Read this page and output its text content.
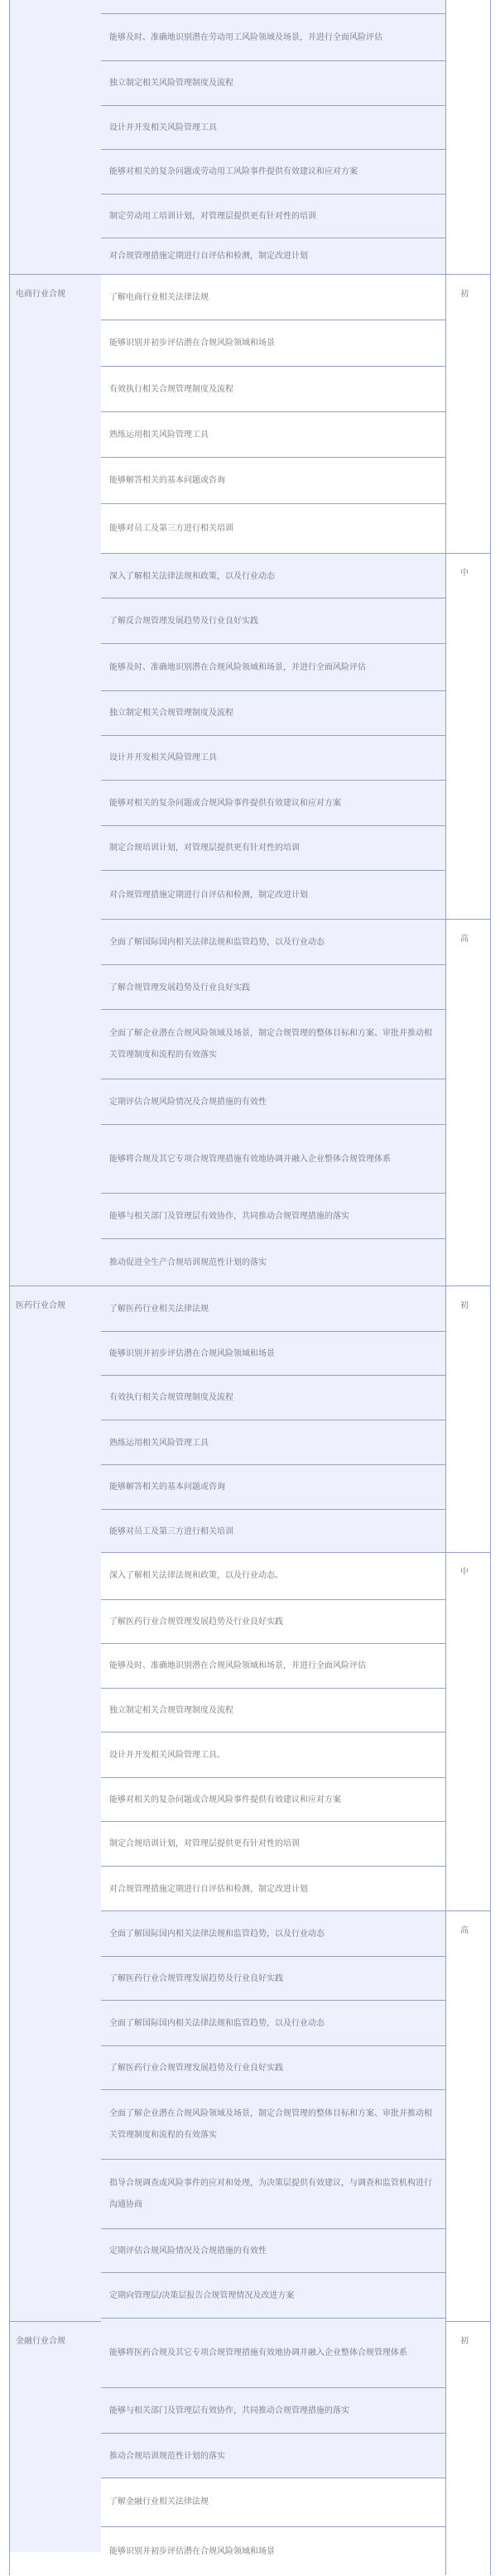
电商行业合规
医药行业合规
金融行业合规
能够及时、准确地识别潜在劳动用工风险领域及场景，并进行全面风险评估
独立制定相关风险管理制度及流程
设计并开发相关风险管理工具
能够对相关的复杂问题或劳动用工风险事件提供有效建议和应对方案
制定劳动用工培训计划，对管理层提供更有针对性的培训
对合规管理措施定期进行自评估和检测，制定改进计划
了解电商行业相关法律法规
能够识别并初步评估潜在合规风险领域和场景
有效执行相关合规管理制度及流程
熟练运用相关风险管理工具
能够解答相关的基本问题或咨询
能够对员工及第三方进行相关培训
深入了解相关法律法规和政策，以及行业动态
了解反合规管理发展趋势及行业良好实践
能够及时、准确地识别潜在合规风险领域和场景，并进行全面风险评估
独立制定相关合规管理制度及流程
设计并开发相关风险管理工具
能够对相关的复杂问题或合规风险事件提供有效建议和应对方案
制定合规培训计划，对管理层提供更有针对性的培训
对合规管理措施定期进行自评估和检测，制定改进计划
全面了解国际国内相关法律法规和监管趋势，以及行业动态
了解合规管理发展趋势及行业良好实践
全面了解企业潜在合规风险领域及场景，制定合规管理的整体目标和方案、审批并推动相关管理制度和流程的有效落实
定期评估合规风险情况及合规措施的有效性
能够将合规及其它专项合规管理措施有效地协调并融入企业整体合规管理体系
能够与相关部门及管理层有效协作，共同推动合规管理措施的落实
推动促进全生产合规培训规范性计划的落实
了解医药行业相关法律法规
能够识别并初步评估潜在合规风险领域和场景
有效执行相关合规管理制度及流程
熟练运用相关风险管理工具
能够解答相关的基本问题或咨询
能够对员工及第三方进行相关培训
深入了解相关法律法规和政策，以及行业动态。
了解医药行业合规管理发展趋势及行业良好实践
能够及时、准确地识别潜在合规风险领域和场景，并进行全面风险评估
独立制定相关合规管理制度及流程
设计并开发相关风险管理工具。
能够对相关的复杂问题或合规风险事件提供有效建议和应对方案
制定合规培训计划，对管理层提供更有针对性的培训
对合规管理措施定期进行自评估和检测，制定改进计划
全面了解国际国内相关法律法规和监管趋势，以及行业动态
了解医药行业合规管理发展趋势及行业良好实践
全面了解国际国内相关法律法规和监管趋势，以及行业动态
了解医药行业合规管理发展趋势及行业良好实践
全面了解企业潜在合规风险领域及场景，制定合规管理的整体目标和方案、审批并推动相关管理制度和流程的有效落实
指导合规调查或风险事件的应对和处理，为决策层提供有效建议，与调查和监管机构进行沟通协商
定期评估合规风险情况及合规措施的有效性
定期向管理层/决策层报告合规管理情况及改进方案
能够将医药合规及其它专项合规管理措施有效地协调并融入企业整体合规管理体系
能够与相关部门及管理层有效协作，共同推动合规管理措施的落实
推动合规培训规范性计划的落实
了解金融行业相关法律法规
能够识别并初步评估潜在合规风险领域和场景
初
中
高
初
中
高
初
